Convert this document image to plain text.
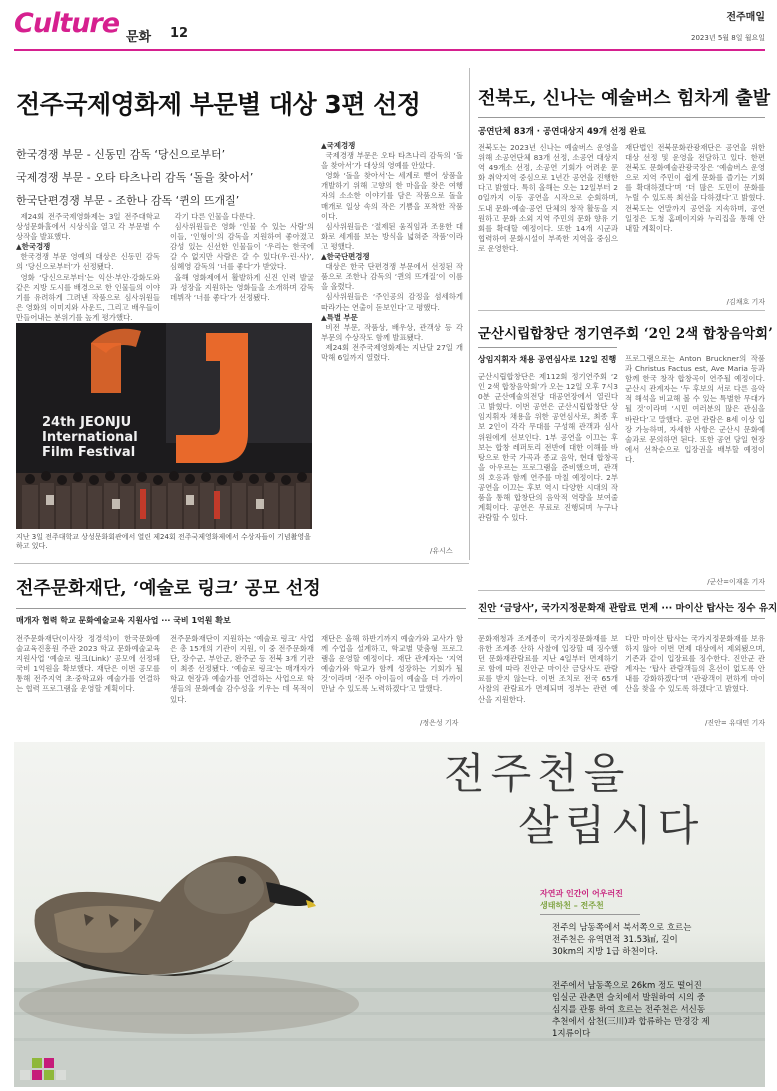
Culture 문화 12
전주매일
2023년 5월 8일 월요일
전주국제영화제 부문별 대상 3편 선정
한국경쟁 부문 - 신동민 감독 ‘당신으로부터’
국제경쟁 부문 - 오타 타츠나리 감독 ‘돌을 찾아서’
한국단편경쟁 부문 - 조한나 감독 ‘퀸의 뜨개질’

제24회 전주국제영화제는 3일 전주대학교 상성문화홀에서 시상식을 열고 각 부문별 수상작을 발표했다.

▲한국경쟁

한국경쟁 부문 영예의 대상은 신동민 감독의 ‘당신으로부터’가 선정됐다.

영화 ‘당신으로부터’는 익산·부안·강화도와 같은 지방 도시를 배경으로 한 인물들의 이야기를 유려하게 그려낸 작품으로 심사위원들은 영화의 이미지와 사운드, 그리고 배우들이 만들어내는 분위기를 높게 평가했다.

각기 다른 인물을 다룬다.

심사위원들은 영화 ‘인물 수 있는 사람’의 이들, ‘인형이’의 감독을 지원하여 좋아졌고 감성 있는 신선한 인물들이 ‘우리는 한국에 갈 수 없지만 사람은 갈 수 있다(우·린·사)’, 심혜영 감독의 ‘너를 좋다’가 받았다.

올해 영화제에서 활발하게 신진 인력 발굴과 성장을 지원하는 영화들을 소개하며 감독 데뷔작 ‘너를 좋다’가 선정됐다.

▲국제경쟁

국제경쟁 부문은 오타 타츠나리 감독의 ‘돌을 찾아서’가 대상의 영예를 안았다.

영화 ‘돌을 찾아서’는 세계로 뻗어 상품을 개발하기 위해 고향의 한 마을을 찾은 여행자의 소소한 이야기를 담은 작품으로 돌을 매개로 일상 속의 작은 기쁨을 포착한 작품이다.

심사위원들은 ‘절제된 움직임과 조용한 대화로 세계를 보는 방식을 넓혀준 작품’이라고 평했다.

▲한국단편경쟁

대상은 한국 단편경쟁 부문에서 선정된 작품으로 조한나 감독의 ‘퀸의 뜨개질’이 이름을 올렸다.

심사위원들은 ‘주인공의 감정을 섬세하게 따라가는 연출이 돋보인다’고 평했다.

▲특별 부문

비전 부문, 작품상, 배우상, 관객상 등 각 부문의 수상작도 함께 발표됐다.

제24회 전주국제영화제는 지난달 27일 개막해 6일까지 열렸다.

/유시스
24th JEONJU
International
Film Festival
지난 3일 전주대학교 상성문화회관에서 열린 제24회 전주국제영화제에서 수상자들이 기념촬영을 하고 있다.
전북도, 신나는 예술버스 힘차게 출발
공연단체 83개 · 공연대상지 49개 선정 완료
전북도는 2023년 신나는 예술버스 운영을 위해 소공연단체 83개 선정, 소공연 대상지역 49개소 선정, 소공연 기회가 어려운 문화 취약지역 중심으로 1년간 공연을 진행한다고 밝혔다. 특히 올해는 오는 12일부터 20일까지 이동 공연을 시작으로 순회하며, 도내 문화·예술·공연 단체의 창작 활동을 지원하고 문화 소외 지역 주민의 문화 향유 기회를 확대할 예정이다. 또한 14개 시군과 협력하여 문화시설이 부족한 지역을 중심으로 운영한다.
재단법인 전북문화관광재단은 공연을 위한 대상 선정 및 운영을 전담하고 있다. 한편 전북도 문화예술관광국장은 ‘예술버스 운영으로 지역 주민이 쉽게 문화를 즐기는 기회를 확대하겠다’며 ‘더 많은 도민이 문화를 누릴 수 있도록 최선을 다하겠다’고 밝혔다. 전북도는 연말까지 공연을 지속하며, 공연 일정은 도청 홈페이지와 누리집을 통해 안내할 계획이다.
/김채호 기자
군산시립합창단 정기연주회 ‘2인 2색 합창음악회’
상임지휘자 채용 공연심사로 12일 진행
군산시립합창단은 제112회 정기연주회 ‘2인 2색 합창음악회’가 오는 12일 오후 7시30분 군산예술의전당 대공연장에서 열린다고 밝혔다. 이번 공연은 군산시립합창단 상임지휘자 채용을 위한 공연심사로, 최종 후보 2인이 각각 무대를 구성해 관객과 심사위원에게 선보인다. 1부 공연을 이끄는 후보는 합창 레퍼토리 전반에 대한 이해를 바탕으로 한국 가곡과 종교 음악, 현대 합창곡을 아우르는 프로그램을 준비했으며, 관객의 호응과 함께 연주를 마칠 예정이다. 2부 공연을 이끄는 후보 역시 다양한 시대의 작품을 통해 합창단의 음악적 역량을 보여줄 계획이다. 공연은 무료로 진행되며 누구나 관람할 수 있다.
프로그램으로는 Anton Bruckner의 작품과 Christus Factus est, Ave Maria 등과 함께 한국 창작 합창곡이 연주될 예정이다. 군산시 관계자는 ‘두 후보의 서로 다른 음악적 해석을 비교해 볼 수 있는 특별한 무대가 될 것’이라며 ‘시민 여러분의 많은 관심을 바란다’고 말했다. 공연 관람은 8세 이상 입장 가능하며, 자세한 사항은 군산시 문화예술과로 문의하면 된다. 또한 공연 당일 현장에서 선착순으로 입장권을 배부할 예정이다.
/군산=이재훈 기자
전주문화재단, ‘예술로 링크’ 공모 선정
매개자 협력 학교 문화예술교육 지원사업 ··· 국비 1억원 확보
전주문화재단(이사장 정경석)이 한국문화예술교육진흥원 주관 2023 학교 문화예술교육 지원사업 ‘예술로 링크(Link)’ 공모에 선정돼 국비 1억원을 확보했다. 재단은 이번 공모를 통해 전주지역 초·중학교와 예술가를 연결하는 협력 프로그램을 운영할 계획이다.
전주문화재단이 지원하는 ‘예술로 링크’ 사업은 총 15개의 기관이 지원, 이 중 전주문화재단, 장수군, 부안군, 완주군 등 전북 3개 기관이 최종 선정됐다. ‘예술로 링크’는 매개자가 학교 현장과 예술가를 연결하는 사업으로 학생들의 문화예술 감수성을 키우는 데 목적이 있다.
재단은 올해 하반기까지 예술가와 교사가 함께 수업을 설계하고, 학교별 맞춤형 프로그램을 운영할 예정이다. 재단 관계자는 ‘지역 예술가와 학교가 함께 성장하는 기회가 될 것’이라며 ‘전주 아이들이 예술을 더 가까이 만날 수 있도록 노력하겠다’고 말했다.
/정은성 기자
진안 ‘금당사’, 국가지정문화재 관람료 면제 ··· 마이산 탑사는 징수 유지
문화재청과 조계종이 국가지정문화재를 보유한 조계종 산하 사찰에 입장할 때 징수했던 문화재관람료를 지난 4일부터 면제하기로 함에 따라 진안군 마이산 금당사도 관람료를 받지 않는다. 이번 조치로 전국 65개 사찰의 관람료가 면제되며 정부는 관련 예산을 지원한다.
다만 마이산 탑사는 국가지정문화재를 보유하지 않아 이번 면제 대상에서 제외됐으며, 기존과 같이 입장료를 징수한다. 진안군 관계자는 ‘탑사 관람객들의 혼선이 없도록 안내를 강화하겠다’며 ‘관광객이 편하게 마이산을 찾을 수 있도록 하겠다’고 밝혔다.
/진안= 유대민 기자
전주천을
살립시다
자연과 인간이 어우러진
생태하천 – 전주천
전주의 남동쪽에서 북서쪽으로 흐르는 전주천은 유역면적 31.53㎢, 길이 30km의 지방 1급 하천이다.
전주에서 남동쪽으로 26km 정도 떨어진 임실군 관촌면 슬치에서 발원하여 시의 중심지를 관통 하여 흐르는 전주천은 서신동 추천에서 삼천(三川)과 합류하는 만경강 제1지류이다
